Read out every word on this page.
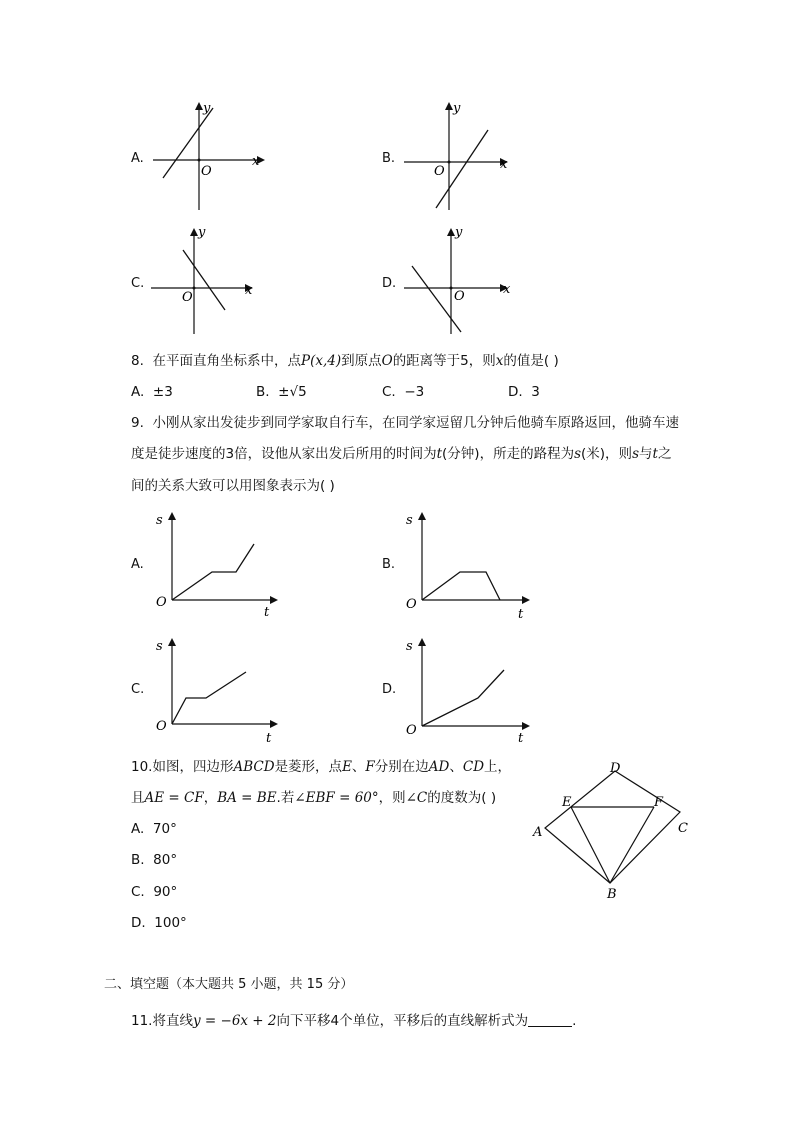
A.	x
y
O
B.	x
y
O
C.	x
y
O
D.	x
y
O
8. 在平面直角坐标系中，点P(x,4)到原点O的距离等于5，则x的值是( )
A. ±3	B. ±√5	C. −3	D. 3
9. 小刚从家出发徒步到同学家取自行车，在同学家逗留几分钟后他骑车原路返回，他骑车速
度是徒步速度的3倍，设他从家出发后所用的时间为t(分钟)，所走的路程为s(米)，则s与t之
间的关系大致可以用图象表示为( )
A.
s
t
O
B.
s
t
O
C.
s
t
O
D.
s
t
O
10.如图，四边形ABCD是菱形，点E、F分别在边AD、CD上，
且AE = CF，BA = BE.若∠EBF = 60°，则∠C的度数为( )
A. 70°
B. 80°
C. 90°
D. 100°
D
E	F
A	C
B
二、填空题（本大题共 5 小题，共 15 分）
11.将直线y = −6x + 2向下平移4个单位，平移后的直线解析式为	.
